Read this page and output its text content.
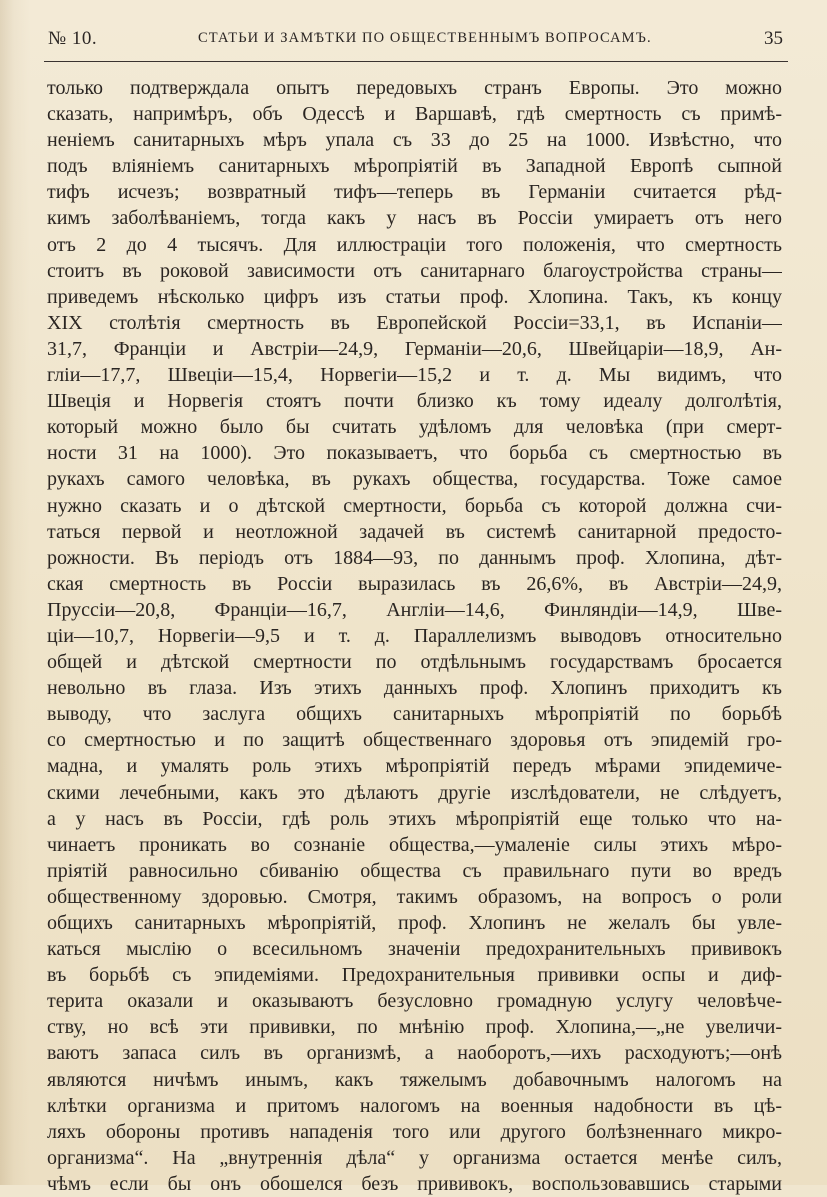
№ 10.	СТАТЬИ И ЗАМѢТКИ ПО ОБЩЕСТВЕННЫМЪ ВОПРОСАМЪ.	35
только подтверждала опытъ передовыхъ странъ Европы. Это можно
сказать, напримѣръ, объ Одессѣ и Варшавѣ, гдѣ смертность съ примѣ-
неніемъ санитарныхъ мѣръ упала съ 33 до 25 на 1000. Извѣстно, что
подъ вліяніемъ санитарныхъ мѣропріятій въ Западной Европѣ сыпной
тифъ исчезъ; возвратный тифъ—теперь въ Германіи считается рѣд-
кимъ заболѣваніемъ, тогда какъ у насъ въ Россіи умираетъ отъ него
отъ 2 до 4 тысячъ. Для иллюстраціи того положенія, что смертность
стоитъ въ роковой зависимости отъ санитарнаго благоустройства страны—
приведемъ нѣсколько цифръ изъ статьи проф. Хлопина. Такъ, къ концу
XIX столѣтія смертность въ Европейской Россіи=33,1, въ Испаніи—
31,7, Франціи и Австріи—24,9, Германіи—20,6, Швейцаріи—18,9, Ан-
гліи—17,7, Швеціи—15,4, Норвегіи—15,2 и т. д. Мы видимъ, что
Швеція и Норвегія стоятъ почти близко къ тому идеалу долголѣтія,
который можно было бы считать удѣломъ для человѣка (при смерт-
ности 31 на 1000). Это показываетъ, что борьба съ смертностью въ
рукахъ самого человѣка, въ рукахъ общества, государства. Тоже самое
нужно сказать и о дѣтской смертности, борьба съ которой должна счи-
таться первой и неотложной задачей въ системѣ санитарной предосто-
рожности. Въ періодъ отъ 1884—93, по даннымъ проф. Хлопина, дѣт-
ская смертность въ Россіи выразилась въ 26,6%, въ Австріи—24,9,
Пруссіи—20,8, Франціи—16,7, Англіи—14,6, Финляндіи—14,9, Шве-
ціи—10,7, Норвегіи—9,5 и т. д. Параллелизмъ выводовъ относительно
общей и дѣтской смертности по отдѣльнымъ государствамъ бросается
невольно въ глаза. Изъ этихъ данныхъ проф. Хлопинъ приходитъ къ
выводу, что заслуга общихъ санитарныхъ мѣропріятій по борьбѣ
со смертностью и по защитѣ общественнаго здоровья отъ эпидемій гро-
мадна, и умалять роль этихъ мѣропріятій передъ мѣрами эпидемиче-
скими лечебными, какъ это дѣлаютъ другіе изслѣдователи, не слѣдуетъ,
а у насъ въ Россіи, гдѣ роль этихъ мѣропріятій еще только что на-
чинаетъ проникать во сознаніе общества,—умаленіе силы этихъ мѣро-
пріятій равносильно сбиванію общества съ правильнаго пути во вредъ
общественному здоровью. Смотря, такимъ образомъ, на вопросъ о роли
общихъ санитарныхъ мѣропріятій, проф. Хлопинъ не желалъ бы увле-
каться мыслію о всесильномъ значеніи предохранительныхъ прививокъ
въ борьбѣ съ эпидеміями. Предохранительныя прививки оспы и диф-
терита оказали и оказываютъ безусловно громадную услугу человѣче-
ству, но всѣ эти прививки, по мнѣнію проф. Хлопина,—„не увеличи-
ваютъ запаса силъ въ организмѣ, а наоборотъ,—ихъ расходуютъ;—онѣ
являются ничѣмъ инымъ, какъ тяжелымъ добавочнымъ налогомъ на
клѣтки организма и притомъ налогомъ на военныя надобности въ цѣ-
ляхъ обороны противъ нападенія того или другого болѣзненнаго микро-
организма“. На „внутреннія дѣла“ у организма остается менѣе силъ,
чѣмъ если бы онъ обошелся безъ прививокъ, воспользовавшись старыми
